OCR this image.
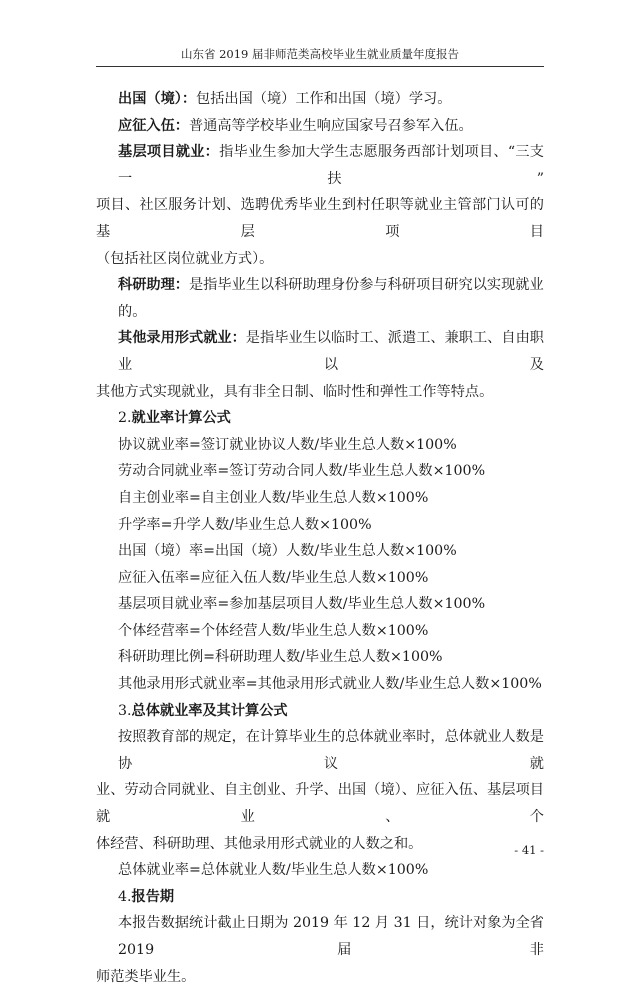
山东省 2019 届非师范类高校毕业生就业质量年度报告

出国（境）：包括出国（境）工作和出国（境）学习。

应征入伍：普通高等学校毕业生响应国家号召参军入伍。

基层项目就业：指毕业生参加大学生志愿服务西部计划项目、“三支一扶”

项目、社区服务计划、选聘优秀毕业生到村任职等就业主管部门认可的基层项目

（包括社区岗位就业方式）。

科研助理：是指毕业生以科研助理身份参与科研项目研究以实现就业的。

其他录用形式就业：是指毕业生以临时工、派遣工、兼职工、自由职业以及

其他方式实现就业，具有非全日制、临时性和弹性工作等特点。

2.就业率计算公式

协议就业率=签订就业协议人数/毕业生总人数×100%

劳动合同就业率=签订劳动合同人数/毕业生总人数×100%

自主创业率=自主创业人数/毕业生总人数×100%

升学率=升学人数/毕业生总人数×100%

出国（境）率=出国（境）人数/毕业生总人数×100%

应征入伍率=应征入伍人数/毕业生总人数×100%

基层项目就业率=参加基层项目人数/毕业生总人数×100%

个体经营率=个体经营人数/毕业生总人数×100%

科研助理比例=科研助理人数/毕业生总人数×100%

其他录用形式就业率=其他录用形式就业人数/毕业生总人数×100%

3.总体就业率及其计算公式

按照教育部的规定，在计算毕业生的总体就业率时，总体就业人数是协议就

业、劳动合同就业、自主创业、升学、出国（境）、应征入伍、基层项目就业、个

体经营、科研助理、其他录用形式就业的人数之和。

总体就业率=总体就业人数/毕业生总人数×100%

4.报告期

本报告数据统计截止日期为 2019 年 12 月 31 日，统计对象为全省 2019 届非

师范类毕业生。

- 41 -
